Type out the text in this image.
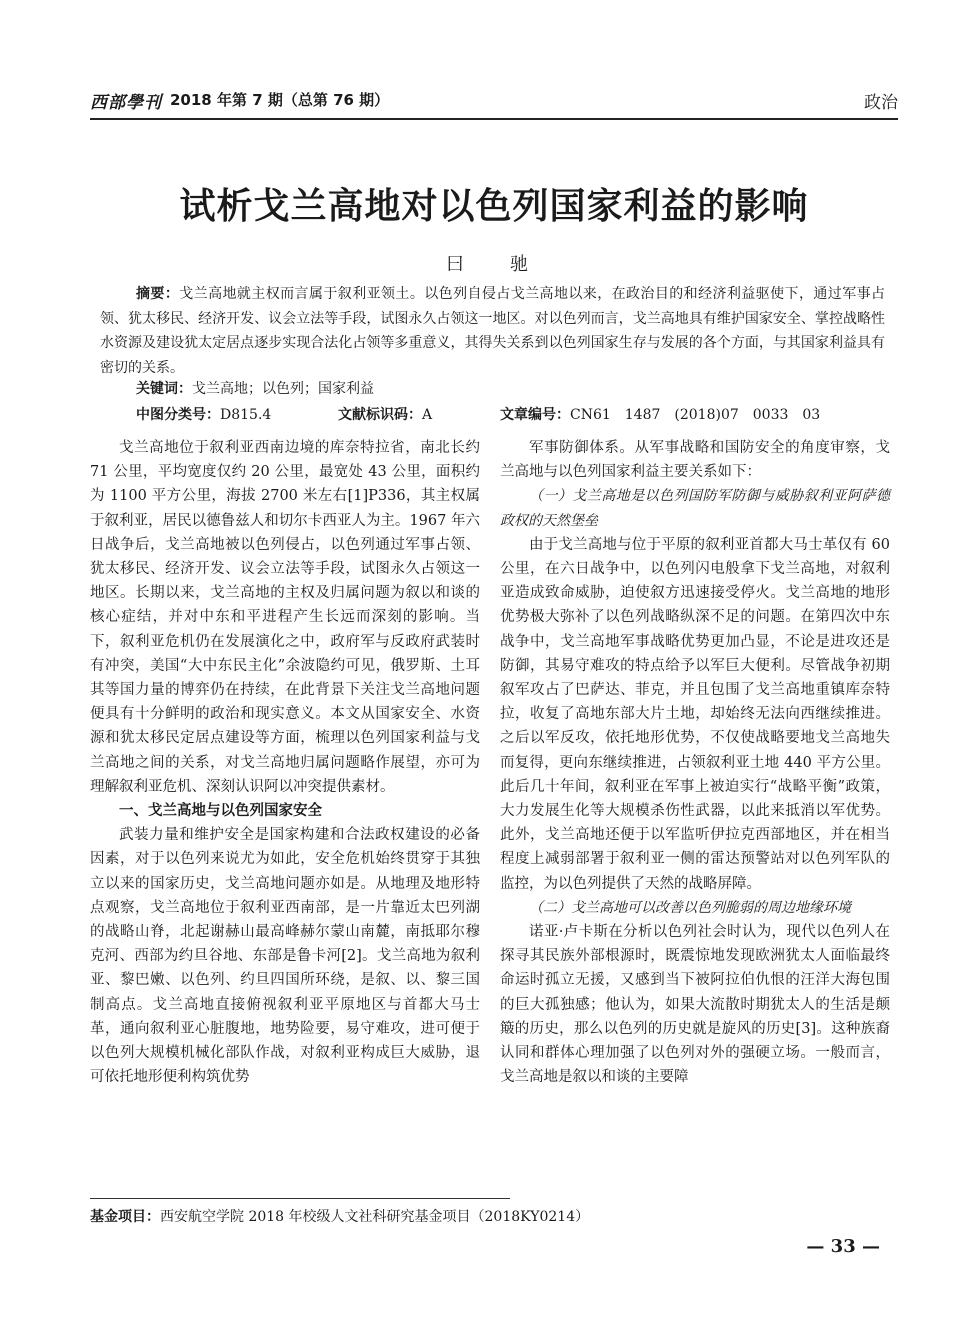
西部學刊 2018 年第 7 期（总第 76 期）	政治
试析戈兰高地对以色列国家利益的影响
曰　驰
摘要：戈兰高地就主权而言属于叙利亚领土。以色列自侵占戈兰高地以来，在政治目的和经济利益驱使下，通过军事占领、犹太移民、经济开发、议会立法等手段，试图永久占领这一地区。对以色列而言，戈兰高地具有维护国家安全、掌控战略性水资源及建设犹太定居点逐步实现合法化占领等多重意义，其得失关系到以色列国家生存与发展的各个方面，与其国家利益具有密切的关系。
关键词：戈兰高地；以色列；国家利益
中图分类号：D815.4	文献标识码：A	文章编号：CN61　1487　(2018)07　0033　03

戈兰高地位于叙利亚西南边境的库奈特拉省，南北长约 71 公里，平均宽度仅约 20 公里，最宽处 43 公里，面积约为 1100 平方公里，海拔 2700 米左右[1]P336，其主权属于叙利亚，居民以德鲁兹人和切尔卡西亚人为主。1967 年六日战争后，戈兰高地被以色列侵占，以色列通过军事占领、犹太移民、经济开发、议会立法等手段，试图永久占领这一地区。长期以来，戈兰高地的主权及归属问题为叙以和谈的核心症结，并对中东和平进程产生长远而深刻的影响。当下，叙利亚危机仍在发展演化之中，政府军与反政府武装时有冲突，美国“大中东民主化”余波隐约可见，俄罗斯、土耳其等国力量的博弈仍在持续，在此背景下关注戈兰高地问题便具有十分鲜明的政治和现实意义。本文从国家安全、水资源和犹太移民定居点建设等方面，梳理以色列国家利益与戈兰高地之间的关系，对戈兰高地归属问题略作展望，亦可为理解叙利亚危机、深刻认识阿以冲突提供素材。

一、戈兰高地与以色列国家安全

武装力量和维护安全是国家构建和合法政权建设的必备因素，对于以色列来说尤为如此，安全危机始终贯穿于其独立以来的国家历史，戈兰高地问题亦如是。从地理及地形特点观察，戈兰高地位于叙利亚西南部，是一片靠近太巴列湖的战略山脊，北起谢赫山最高峰赫尔蒙山南麓，南抵耶尔穆克河、西部为约旦谷地、东部是鲁卡河[2]。戈兰高地为叙利亚、黎巴嫩、以色列、约旦四国所环绕，是叙、以、黎三国制高点。戈兰高地直接俯视叙利亚平原地区与首都大马士革，通向叙利亚心脏腹地，地势险要，易守难攻，进可便于以色列大规模机械化部队作战，对叙利亚构成巨大威胁，退可依托地形便利构筑优势

军事防御体系。从军事战略和国防安全的角度审察，戈兰高地与以色列国家利益主要关系如下：

（一）戈兰高地是以色列国防军防御与威胁叙利亚阿萨德政权的天然堡垒

由于戈兰高地与位于平原的叙利亚首都大马士革仅有 60 公里，在六日战争中，以色列闪电般拿下戈兰高地，对叙利亚造成致命威胁，迫使叙方迅速接受停火。戈兰高地的地形优势极大弥补了以色列战略纵深不足的问题。在第四次中东战争中，戈兰高地军事战略优势更加凸显，不论是进攻还是防御，其易守难攻的特点给予以军巨大便利。尽管战争初期叙军攻占了巴萨达、菲克，并且包围了戈兰高地重镇库奈特拉，收复了高地东部大片土地，却始终无法向西继续推进。之后以军反攻，依托地形优势，不仅使战略要地戈兰高地失而复得，更向东继续推进，占领叙利亚土地 440 平方公里。此后几十年间，叙利亚在军事上被迫实行“战略平衡”政策，大力发展生化等大规模杀伤性武器，以此来抵消以军优势。此外，戈兰高地还便于以军监听伊拉克西部地区，并在相当程度上减弱部署于叙利亚一侧的雷达预警站对以色列军队的监控，为以色列提供了天然的战略屏障。

（二）戈兰高地可以改善以色列脆弱的周边地缘环境

诺亚·卢卡斯在分析以色列社会时认为，现代以色列人在探寻其民族外部根源时，既震惊地发现欧洲犹太人面临最终命运时孤立无援，又感到当下被阿拉伯仇恨的汪洋大海包围的巨大孤独感；他认为，如果大流散时期犹太人的生活是颠簸的历史，那么以色列的历史就是旋风的历史[3]。这种族裔认同和群体心理加强了以色列对外的强硬立场。一般而言，戈兰高地是叙以和谈的主要障

基金项目：西安航空学院 2018 年校级人文社科研究基金项目（2018KY0214）
— 33 —
